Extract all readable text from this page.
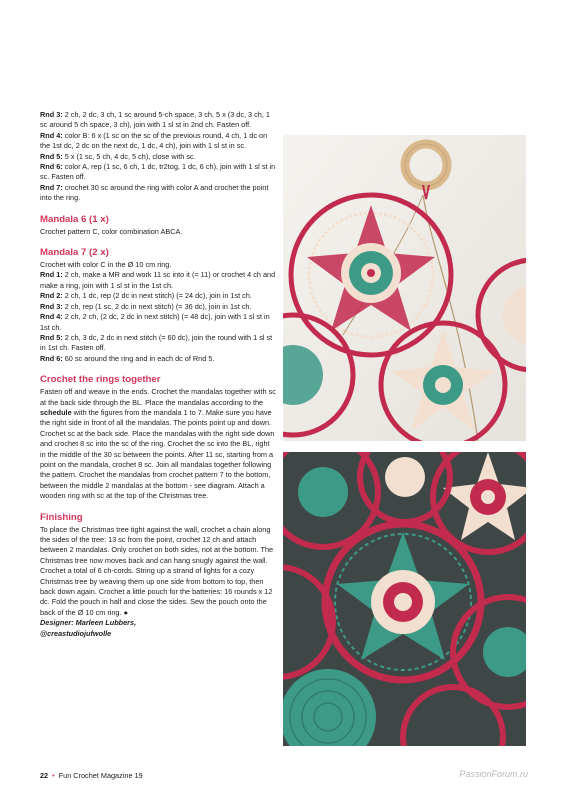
Rnd 3: 2 ch, 2 dc, 3 ch, 1 sc around 5-ch space, 3 ch, 5 x (3 dc, 3 ch, 1 sc around 5 ch space, 3 ch), join with 1 sl st in 2nd ch. Fasten off.

Rnd 4: color B: 6 x (1 sc on the sc of the previous round, 4 ch, 1 dc on the 1st dc, 2 dc on the next dc, 1 dc, 4 ch), join with 1 sl st in sc.

Rnd 5: 5 x (1 sc, 5 ch, 4 dc, 5 ch), close with sc.

Rnd 6: color A, rep (1 sc, 6 ch, 1 dc, tr2tog, 1 dc, 6 ch), join with 1 sl st in sc. Fasten off.

Rnd 7: crochet 30 sc around the ring with color A and crochet the point into the ring.

Mandala 6 (1 x)

Crochet pattern C, color combination ABCA.

Mandala 7 (2 x)

Crochet with color C in the Ø 10 cm ring.

Rnd 1: 2 ch, make a MR and work 11 sc into it (= 11) or crochet 4 ch and make a ring, join with 1 sl st in the 1st ch.

Rnd 2: 2 ch, 1 dc, rep (2 dc in next stitch) (= 24 dc), join in 1st ch.

Rnd 3: 2 ch, rep (1 sc, 2 dc in next stitch) (= 36 dc), join in 1st ch.

Rnd 4: 2 ch, 2 ch, (2 dc, 2 dc in next stitch) (= 48 dc), join with 1 sl st in 1st ch.

Rnd 5: 2 ch, 3 dc, 2 dc in next stitch (= 60 dc), join the round with 1 sl st in 1st ch. Fasten off.

Rnd 6: 60 sc around the ring and in each dc of Rnd 5.

Crochet the rings together

Fasten off and weave in the ends. Crochet the mandalas together with sc at the back side through the BL. Place the mandalas according to the schedule with the figures from the mandala 1 to 7. Make sure you have the right side in front of all the mandalas. The points point up and down. Crochet sc at the back side. Place the mandalas with the right side down and crochet 8 sc into the sc of the ring. Crochet the sc into the BL, right in the middle of the 30 sc between the points. After 11 sc, starting from a point on the mandala, crochet 8 sc. Join all mandalas together following the pattern. Crochet the mandalas from crochet pattern 7 to the bottom, between the middle 2 mandalas at the bottom - see diagram. Attach a wooden ring with sc at the top of the Christmas tree.

Finishing

To place the Christmas tree tight against the wall, crochet a chain along the sides of the tree: 13 sc from the point, crochet 12 ch and attach between 2 mandalas. Only crochet on both sides, not at the bottom. The Christmas tree now moves back and can hang snugly against the wall. Crochet a total of 6 ch-cords. String up a strand of lights for a cozy Christmas tree by weaving them up one side from bottom to top, then back down again. Crochet a little pouch for the batteries: 16 rounds x 12 dc. Fold the pouch in half and close the sides. Sew the pouch onto the back of the Ø 10 cm ring. ●

Designer: Marleen Lubbers,

@creastudiojufwolle

22 • Fun Crochet Magazine 19	PassionForum.ru
